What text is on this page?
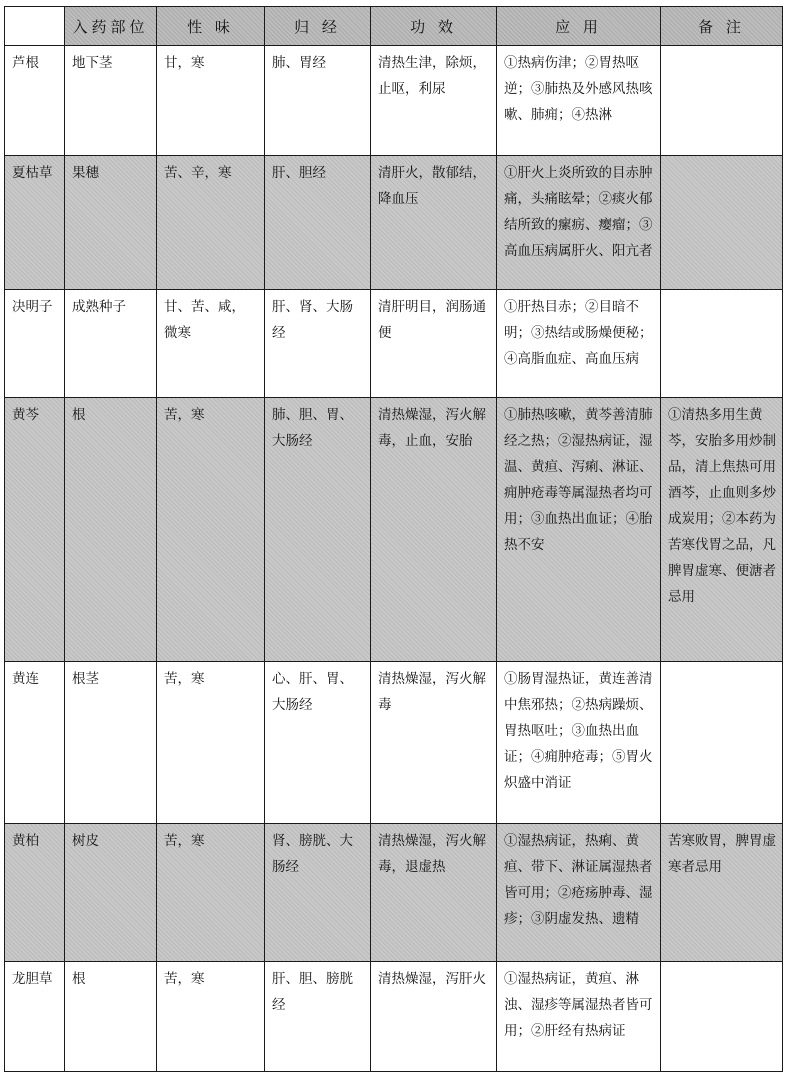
	入药部位	性 味	归 经	功 效	应 用	备 注
芦根	地下茎	甘，寒	肺、胃经	清热生津，除烦，止呕，利尿	①热病伤津；②胃热呕逆；③肺热及外感风热咳嗽、肺痈；④热淋	
夏枯草	果穗	苦、辛，寒	肝、胆经	清肝火，散郁结，降血压	①肝火上炎所致的目赤肿痛，头痛眩晕；②痰火郁结所致的瘰疬、瘿瘤；③高血压病属肝火、阳亢者	
决明子	成熟种子	甘、苦、咸，微寒	肝、肾、大肠经	清肝明目，润肠通便	①肝热目赤；②目暗不明；③热结或肠燥便秘；④高脂血症、高血压病	
黄芩	根	苦，寒	肺、胆、胃、大肠经	清热燥湿，泻火解毒，止血，安胎	①肺热咳嗽，黄芩善清肺经之热；②湿热病证，湿温、黄疸、泻痢、淋证、痈肿疮毒等属湿热者均可用；③血热出血证；④胎热不安	①清热多用生黄芩，安胎多用炒制品，清上焦热可用酒芩，止血则多炒成炭用；②本药为苦寒伐胃之品，凡脾胃虚寒、便溏者忌用
黄连	根茎	苦，寒	心、肝、胃、大肠经	清热燥湿，泻火解毒	①肠胃湿热证，黄连善清中焦邪热；②热病躁烦、胃热呕吐；③血热出血证；④痈肿疮毒；⑤胃火炽盛中消证	
黄柏	树皮	苦，寒	肾、膀胱、大肠经	清热燥湿，泻火解毒，退虚热	①湿热病证，热痢、黄疸、带下、淋证属湿热者皆可用；②疮疡肿毒、湿疹；③阴虚发热、遗精	苦寒败胃，脾胃虚寒者忌用
龙胆草	根	苦，寒	肝、胆、膀胱经	清热燥湿，泻肝火	①湿热病证，黄疸、淋浊、湿疹等属湿热者皆可用；②肝经有热病证	
